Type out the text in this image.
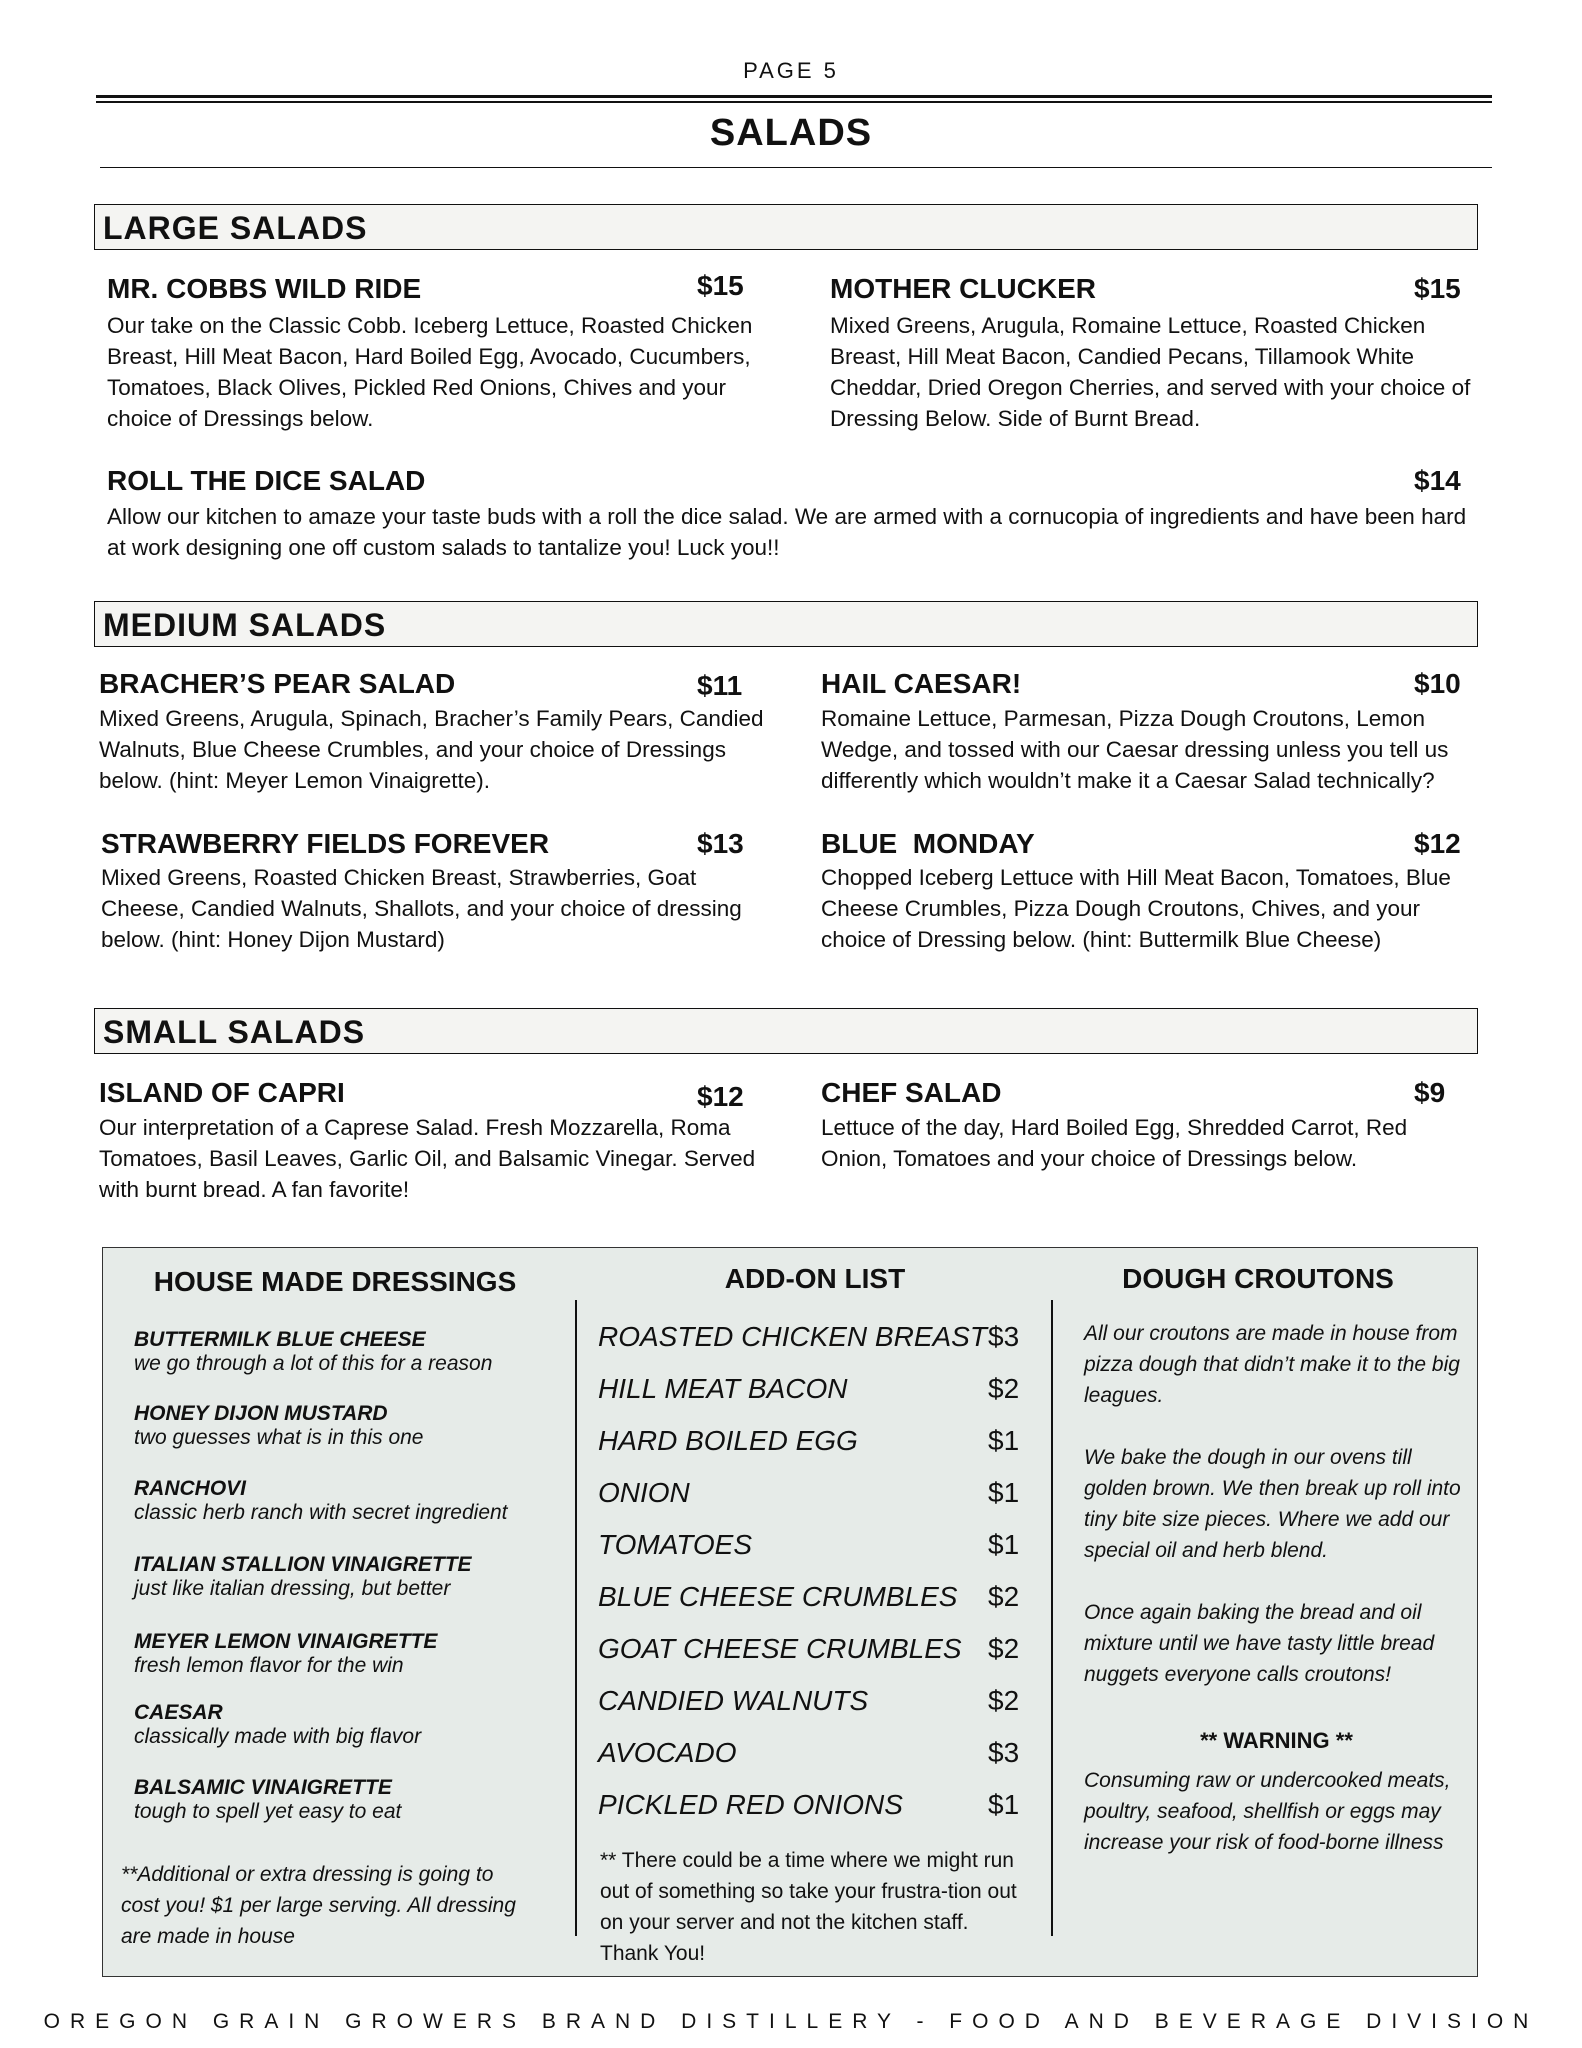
PAGE 5
SALADS
LARGE SALADS
MR. COBBS WILD RIDE	$15
Our take on the Classic Cobb. Iceberg Lettuce, Roasted Chicken Breast, Hill Meat Bacon, Hard Boiled Egg, Avocado, Cucumbers, Tomatoes, Black Olives, Pickled Red Onions, Chives and your choice of Dressings below.
MOTHER CLUCKER	$15
Mixed Greens, Arugula, Romaine Lettuce, Roasted Chicken Breast, Hill Meat Bacon, Candied Pecans, Tillamook White Cheddar, Dried Oregon Cherries, and served with your choice of Dressing Below. Side of Burnt Bread.
ROLL THE DICE SALAD	$14
Allow our kitchen to amaze your taste buds with a roll the dice salad. We are armed with a cornucopia of ingredients and have been hard at work designing one off custom salads to tantalize you! Luck you!!
MEDIUM SALADS
BRACHER’S PEAR SALAD	$11
Mixed Greens, Arugula, Spinach, Bracher’s Family Pears, Candied Walnuts, Blue Cheese Crumbles, and your choice of Dressings below. (hint: Meyer Lemon Vinaigrette).
HAIL CAESAR!	$10
Romaine Lettuce, Parmesan, Pizza Dough Croutons, Lemon Wedge, and tossed with our Caesar dressing unless you tell us differently which wouldn’t make it a Caesar Salad technically?
STRAWBERRY FIELDS FOREVER	$13
Mixed Greens, Roasted Chicken Breast, Strawberries, Goat Cheese, Candied Walnuts, Shallots, and your choice of dressing below. (hint: Honey Dijon Mustard)
BLUE  MONDAY	$12
Chopped Iceberg Lettuce with Hill Meat Bacon, Tomatoes, Blue Cheese Crumbles, Pizza Dough Croutons, Chives, and your choice of Dressing below. (hint: Buttermilk Blue Cheese)
SMALL SALADS
ISLAND OF CAPRI	$12
Our interpretation of a Caprese Salad. Fresh Mozzarella, Roma Tomatoes, Basil Leaves, Garlic Oil, and Balsamic Vinegar. Served with burnt bread. A fan favorite!
CHEF SALAD	$9
Lettuce of the day, Hard Boiled Egg, Shredded Carrot, Red Onion, Tomatoes and your choice of Dressings below.
HOUSE MADE DRESSINGS
BUTTERMILK BLUE CHEESE
we go through a lot of this for a reason
HONEY DIJON MUSTARD
two guesses what is in this one
RANCHOVI
classic herb ranch with secret ingredient
ITALIAN STALLION VINAIGRETTE
just like italian dressing, but better
MEYER LEMON VINAIGRETTE
fresh lemon flavor for the win
CAESAR
classically made with big flavor
BALSAMIC VINAIGRETTE
tough to spell yet easy to eat
**Additional or extra dressing is going to cost you! $1 per large serving. All dressing are made in house
ADD-ON LIST
ROASTED CHICKEN BREAST $3
HILL MEAT BACON	$2
HARD BOILED EGG	$1
ONION	$1
TOMATOES	$1
BLUE CHEESE CRUMBLES $2
GOAT CHEESE CRUMBLES $2
CANDIED WALNUTS	$2
AVOCADO	$3
PICKLED RED ONIONS	$1
** There could be a time where we might run out of something so take your frustra-tion out on your server and not the kitchen staff. Thank You!
DOUGH CROUTONS
All our croutons are made in house from pizza dough that didn’t make it to the big leagues.
We bake the dough in our ovens till golden brown. We then break up roll into tiny bite size pieces. Where we add our special oil and herb blend.
Once again baking the bread and oil mixture until we have tasty little bread nuggets everyone calls croutons!
** WARNING **
Consuming raw or undercooked meats, poultry, seafood, shellfish or eggs may increase your risk of food-borne illness
OREGON GRAIN GROWERS BRAND DISTILLERY - FOOD AND BEVERAGE DIVISION
